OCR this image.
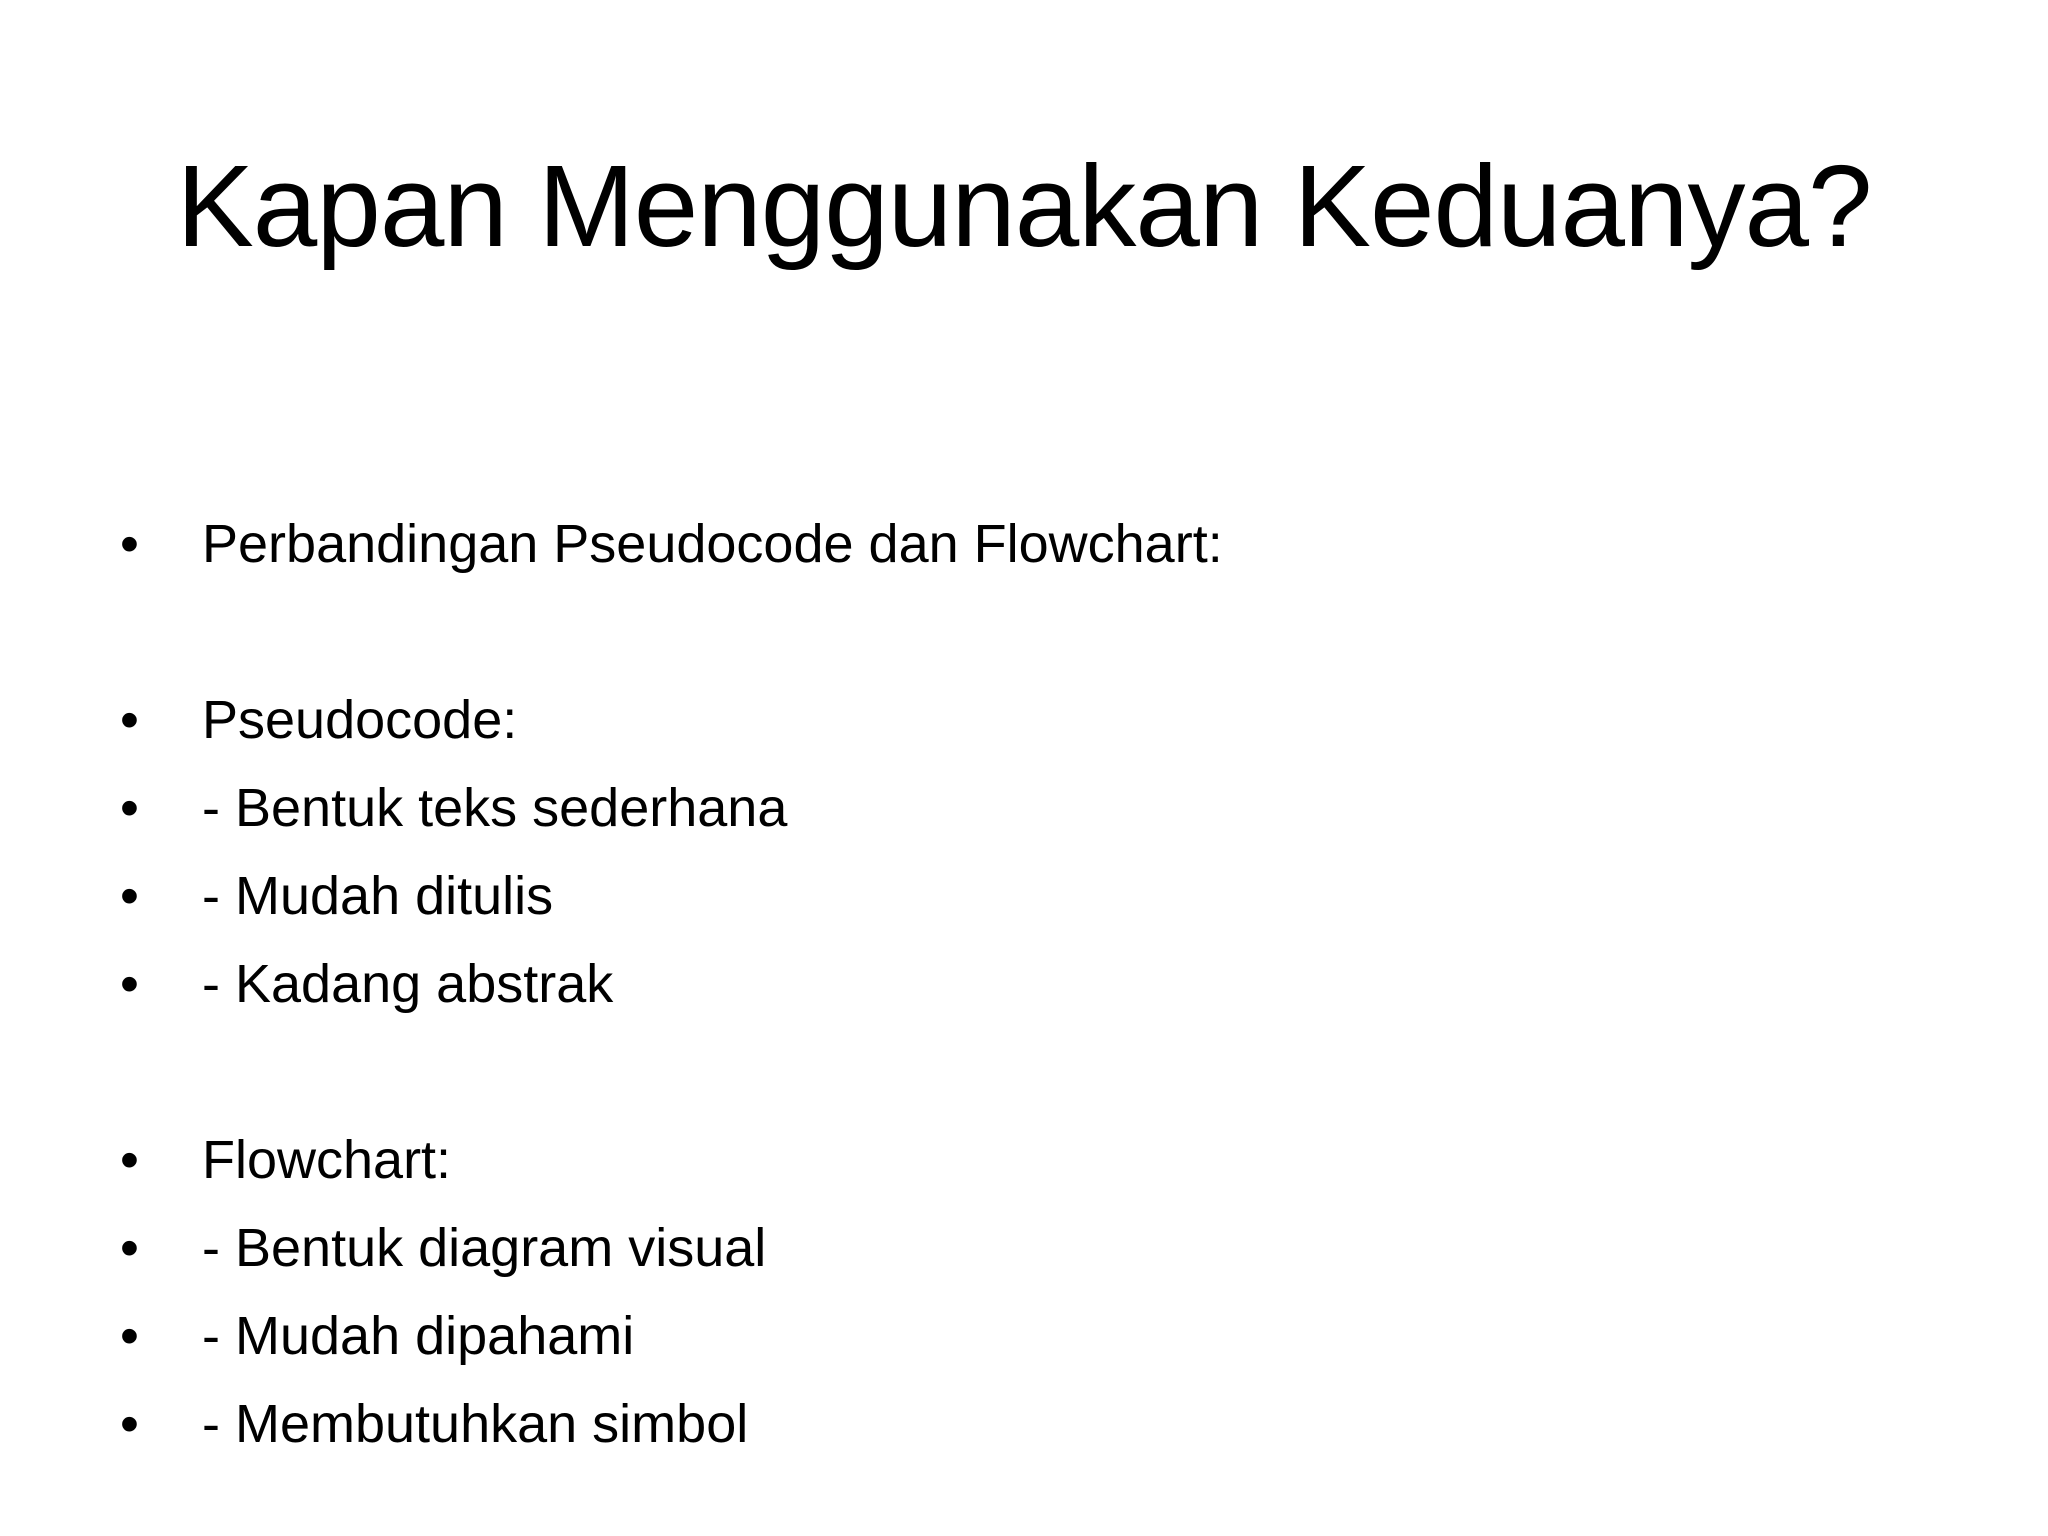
Kapan Menggunakan Keduanya?
• Perbandingan Pseudocode dan Flowchart:
• Pseudocode:
• - Bentuk teks sederhana
• - Mudah ditulis
• - Kadang abstrak
• Flowchart:
• - Bentuk diagram visual
• - Mudah dipahami
• - Membutuhkan simbol
